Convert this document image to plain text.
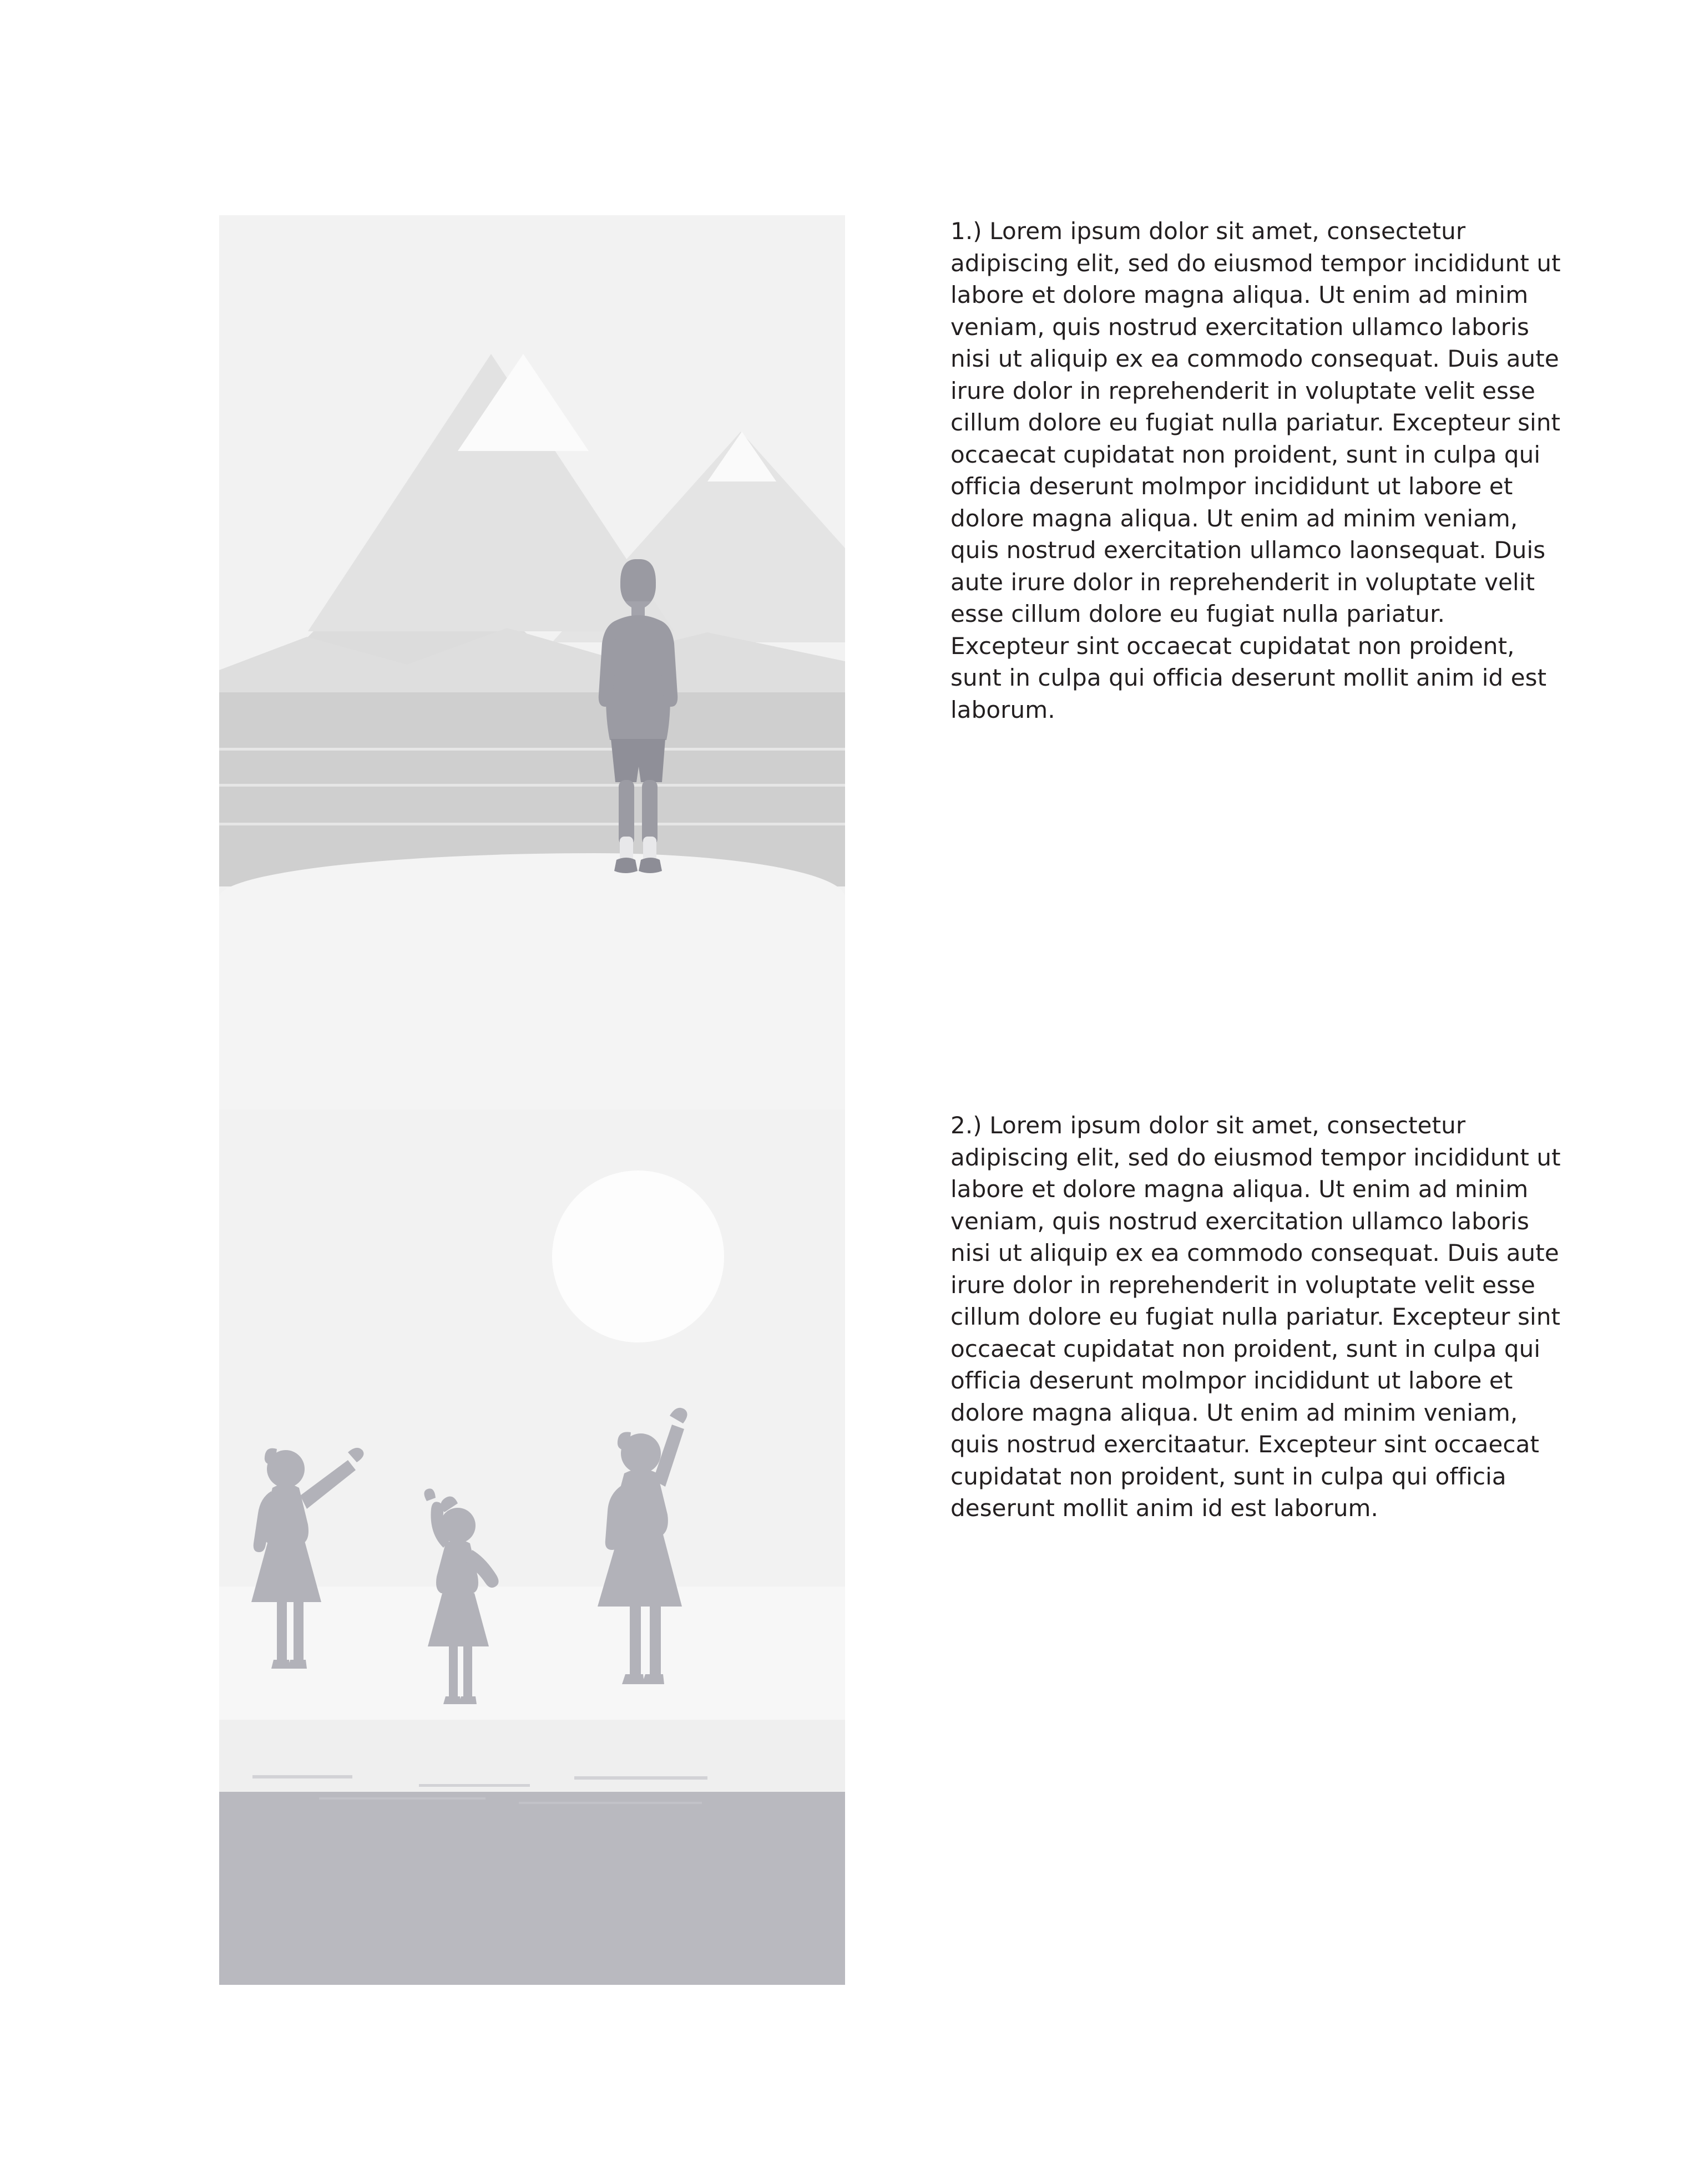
1.) Lorem ipsum dolor sit amet, consectetur adipiscing elit, sed do eiusmod tempor incididunt ut labore et dolore magna aliqua. Ut enim ad minim veniam, quis nostrud exercitation ullamco laboris nisi ut aliquip ex ea commodo consequat. Duis aute irure dolor in reprehenderit in voluptate velit esse cillum dolore eu fugiat nulla pariatur. Excepteur sint occaecat cupidatat non proident, sunt in culpa qui officia deserunt molmpor incididunt ut labore et dolore magna aliqua. Ut enim ad minim veniam, quis nostrud exercitation ullamco laonsequat. Duis aute irure dolor in reprehenderit in voluptate velit esse cillum dolore eu fugiat nulla pariatur. Excepteur sint occaecat cupidatat non proident, sunt in culpa qui officia deserunt mollit anim id est laborum.

2.) Lorem ipsum dolor sit amet, consectetur adipiscing elit, sed do eiusmod tempor incididunt ut labore et dolore magna aliqua. Ut enim ad minim veniam, quis nostrud exercitation ullamco laboris nisi ut aliquip ex ea commodo consequat. Duis aute irure dolor in reprehenderit in voluptate velit esse cillum dolore eu fugiat nulla pariatur. Excepteur sint occaecat cupidatat non proident, sunt in culpa qui officia deserunt molmpor incididunt ut labore et dolore magna aliqua. Ut enim ad minim veniam, quis nostrud exercitaatur. Excepteur sint occaecat cupidatat non proident, sunt in culpa qui officia deserunt mollit anim id est laborum.
